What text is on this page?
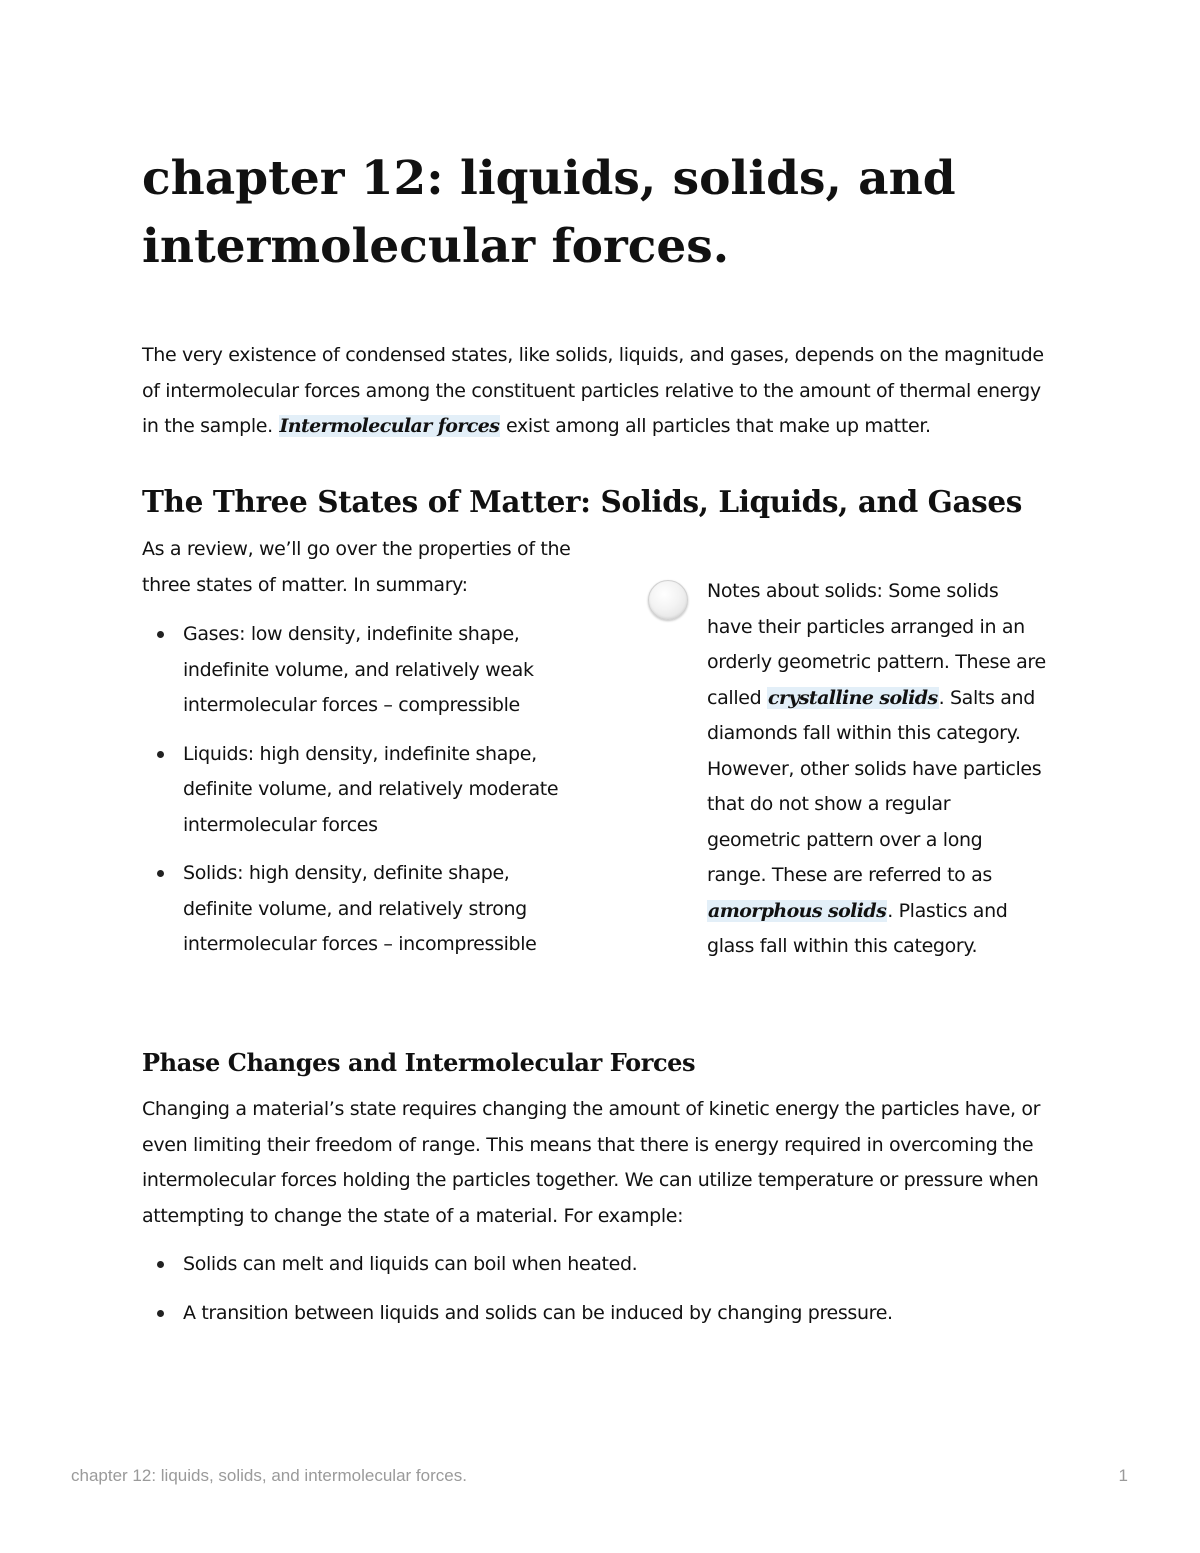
chapter 12: liquids, solids, and intermolecular forces.

The very existence of condensed states, like solids, liquids, and gases, depends on the magnitude of intermolecular forces among the constituent particles relative to the amount of thermal energy in the sample. Intermolecular forces exist among all particles that make up matter.

The Three States of Matter: Solids, Liquids, and Gases

As a review, we’ll go over the properties of the three states of matter. In summary:

Gases: low density, indefinite shape, indefinite volume, and relatively weak intermolecular forces – compressible
Liquids: high density, indefinite shape, definite volume, and relatively moderate intermolecular forces
Solids: high density, definite shape, definite volume, and relatively strong intermolecular forces – incompressible

Notes about solids: Some solids have their particles arranged in an orderly geometric pattern. These are called crystalline solids. Salts and diamonds fall within this category. However, other solids have particles that do not show a regular geometric pattern over a long range. These are referred to as amorphous solids. Plastics and glass fall within this category.

Phase Changes and Intermolecular Forces

Changing a material’s state requires changing the amount of kinetic energy the particles have, or even limiting their freedom of range. This means that there is energy required in overcoming the intermolecular forces holding the particles together. We can utilize temperature or pressure when attempting to change the state of a material. For example:

Solids can melt and liquids can boil when heated.
A transition between liquids and solids can be induced by changing pressure.
chapter 12: liquids, solids, and intermolecular forces.	1
